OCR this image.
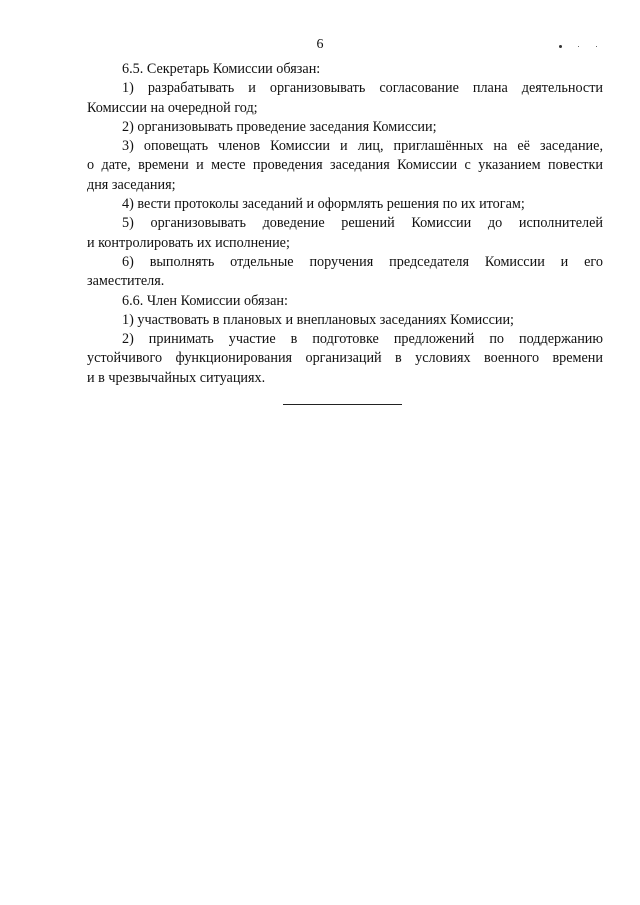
6
6.5. Секретарь Комиссии обязан:
1) разрабатывать и организовывать согласование плана деятельности
Комиссии на очередной год;
2) организовывать проведение заседания Комиссии;
3) оповещать членов Комиссии и лиц, приглашённых на её заседание,
о дате, времени и месте проведения заседания Комиссии с указанием повестки
дня заседания;
4) вести протоколы заседаний и оформлять решения по их итогам;
5) организовывать доведение решений Комиссии до исполнителей
и контролировать их исполнение;
6) выполнять отдельные поручения председателя Комиссии и его
заместителя.
6.6. Член Комиссии обязан:
1) участвовать в плановых и внеплановых заседаниях Комиссии;
2) принимать участие в подготовке предложений по поддержанию
устойчивого функционирования организаций в условиях военного времени
и в чрезвычайных ситуациях.
